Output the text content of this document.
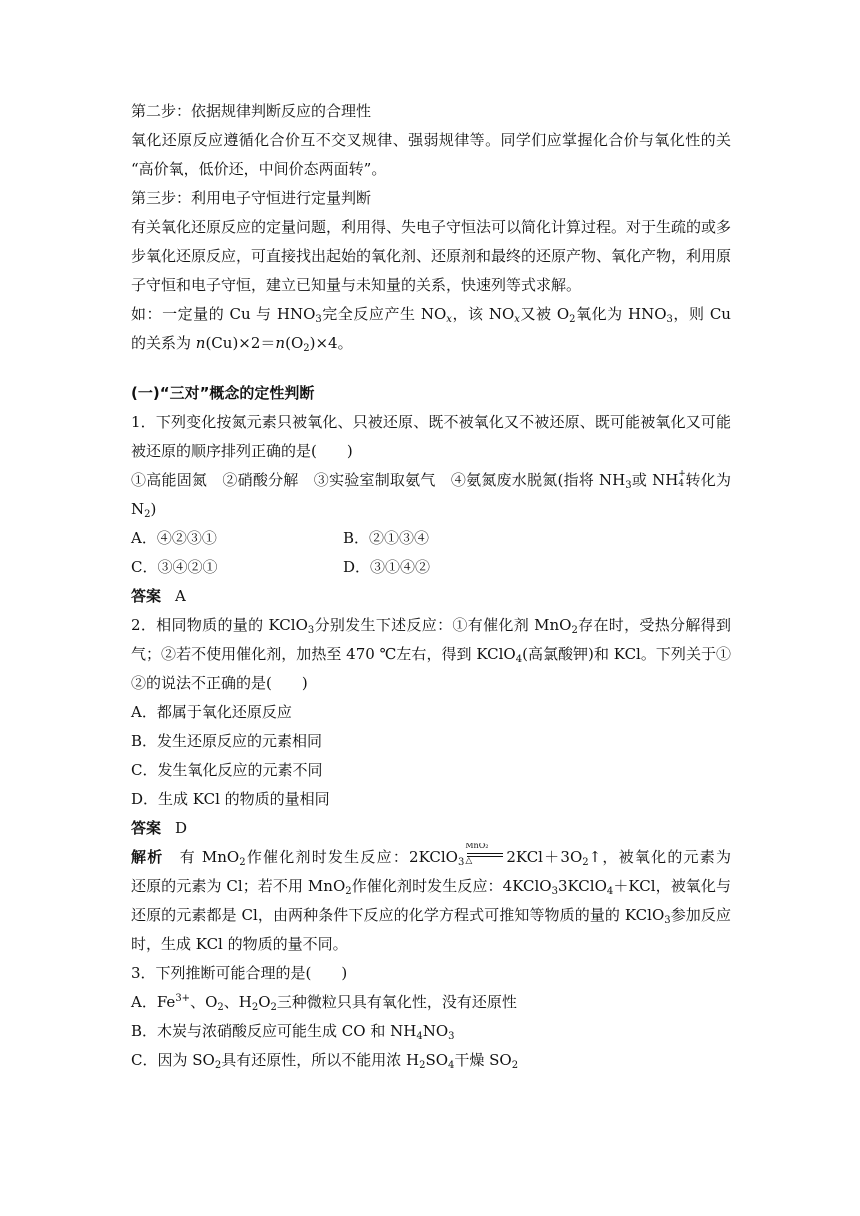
第二步：依据规律判断反应的合理性
氧化还原反应遵循化合价互不交叉规律、强弱规律等。同学们应掌握化合价与氧化性的关
“高价氧，低价还，中间价态两面转”。
第三步：利用电子守恒进行定量判断
有关氧化还原反应的定量问题，利用得、失电子守恒法可以简化计算过程。对于生疏的或多
步氧化还原反应，可直接找出起始的氧化剂、还原剂和最终的还原产物、氧化产物，利用原
子守恒和电子守恒，建立已知量与未知量的关系，快速列等式求解。
如：一定量的 Cu 与 $HNO_3$完全反应产生 $NO_x$，该 $NO_x$又被 $O_2$氧化为 $HNO_3$，则 Cu
的关系为 $n(Cu)\times 2=n(O_2)\times 4$。
(一)“三对”概念的定性判断
1．下列变化按氮元素只被氧化、只被还原、既不被氧化又不被还原、既可能被氧化又可能
被还原的顺序排列正确的是(　　)
①高能固氮　②硝酸分解　③实验室制取氨气　④氨氮废水脱氮(指将 $NH_3$或 NH +
4 转化为
$N_2$)
A．④②③①	B．②①③④
C．③④②①	D．③①④②
答案 A
2．相同物质的量的 KClO$_3$分别发生下述反应：①有催化剂 MnO$_2$存在时，受热分解得到
气；②若不使用催化剂，加热至 470 ℃左右，得到 KClO$_4$(高氯酸钾)和 KCl。下列关于①
②的说法不正确的是(　　)
A．都属于氧化还原反应
B．发生还原反应的元素相同
C．发生氧化反应的元素不同
D．生成 KCl 的物质的量相同
答案 D
解析　 有 MnO$_2$作催化剂时发生反应：2KClO$_3$
MnO₂
△	$2KCl+3O_2↑$，被氧化的元素为
还原的元素为 Cl；若不用 MnO$_2$作催化剂时发生反应：4KClO$_3$3KClO$_4$＋KCl，被氧化与
还原的元素都是 Cl，由两种条件下反应的化学方程式可推知等物质的量的 KClO$_3$参加反应
时，生成 KCl 的物质的量不同。
3．下列推断可能合理的是(　　)
A．$Fe^{3+}$、$O_2$、$H_2O_2$三种微粒只具有氧化性，没有还原性
B．木炭与浓硝酸反应可能生成 CO 和 $NH_4NO_3$
C．因为 $SO_2$具有还原性，所以不能用浓 $H_2SO_4$干燥 $SO_2$
